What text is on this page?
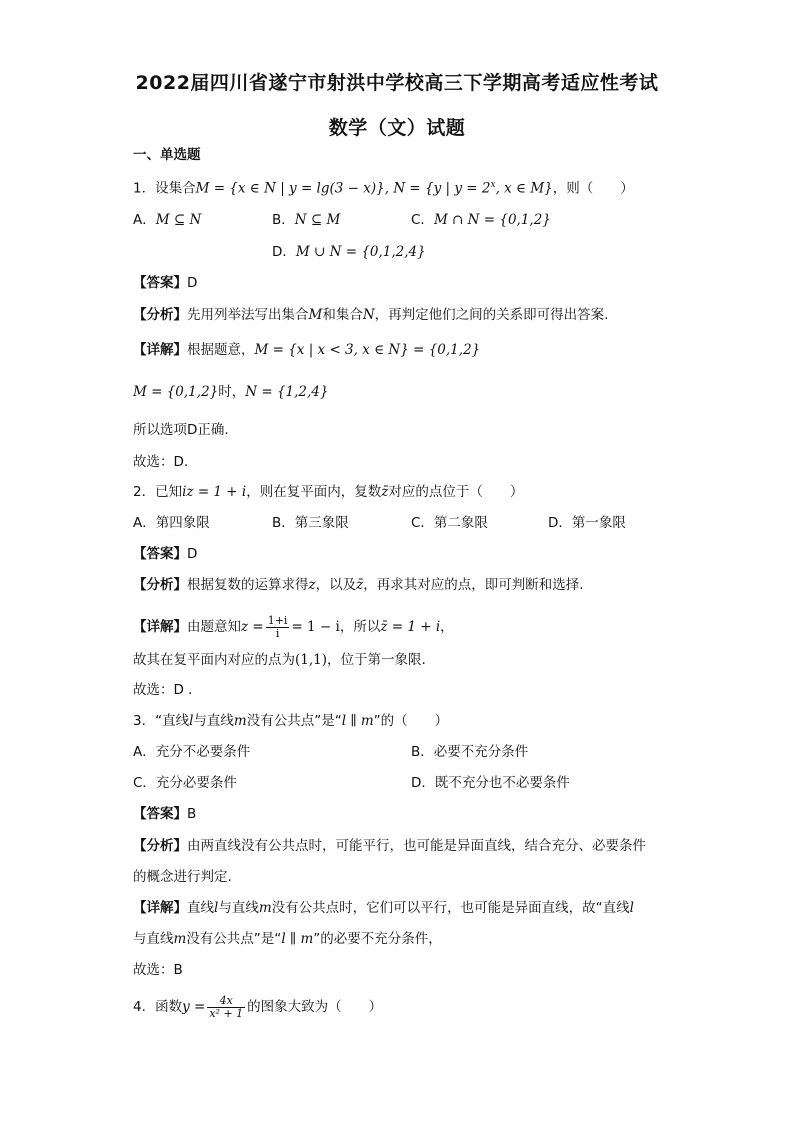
2022届四川省遂宁市射洪中学校高三下学期高考适应性考试
数学（文）试题
一、单选题
1．设集合M = {x ∈ N | y = lg(3 − x)}, N = {y | $y = 2^x$, x ∈ M}，则（　　）
A．M ⊆ N	B．N ⊆ M	C．M ∩ N = {0,1,2}
D．M ∪ N = {0,1,2,4}
【答案】D
【分析】先用列举法写出集合M和集合N，再判定他们之间的关系即可得出答案.
【详解】根据题意，M = {x | x < 3, x ∈ N} = {0,1,2}
M = {0,1,2}时，N = {1,2,4}
所以选项D正确.
故选：D.
2．已知iz = 1 + i，则在复平面内，复数z̄对应的点位于（　　）
A．第四象限	B．第三象限	C．第二象限	D．第一象限
【答案】D
【分析】根据复数的运算求得z，以及z̄，再求其对应的点，即可判断和选择.
【详解】由题意知$z = \frac{1+i}{i} = 1 - i$，所以z̄ = 1 + i，
故其在复平面内对应的点为(1,1)，位于第一象限.
故选：D .
3．“直线l与直线m没有公共点”是“l ∥ m”的（　　）
A．充分不必要条件	B．必要不充分条件
C．充分必要条件	D．既不充分也不必要条件
【答案】B
【分析】由两直线没有公共点时，可能平行，也可能是异面直线，结合充分、必要条件
的概念进行判定.
【详解】直线l与直线m没有公共点时，它们可以平行，也可能是异面直线，故“直线l
与直线m没有公共点”是“l ∥ m”的必要不充分条件，
故选：B
4．函数$y = \frac{4x}{\text{x² + 1}}$ 的图象大致为（　　）
